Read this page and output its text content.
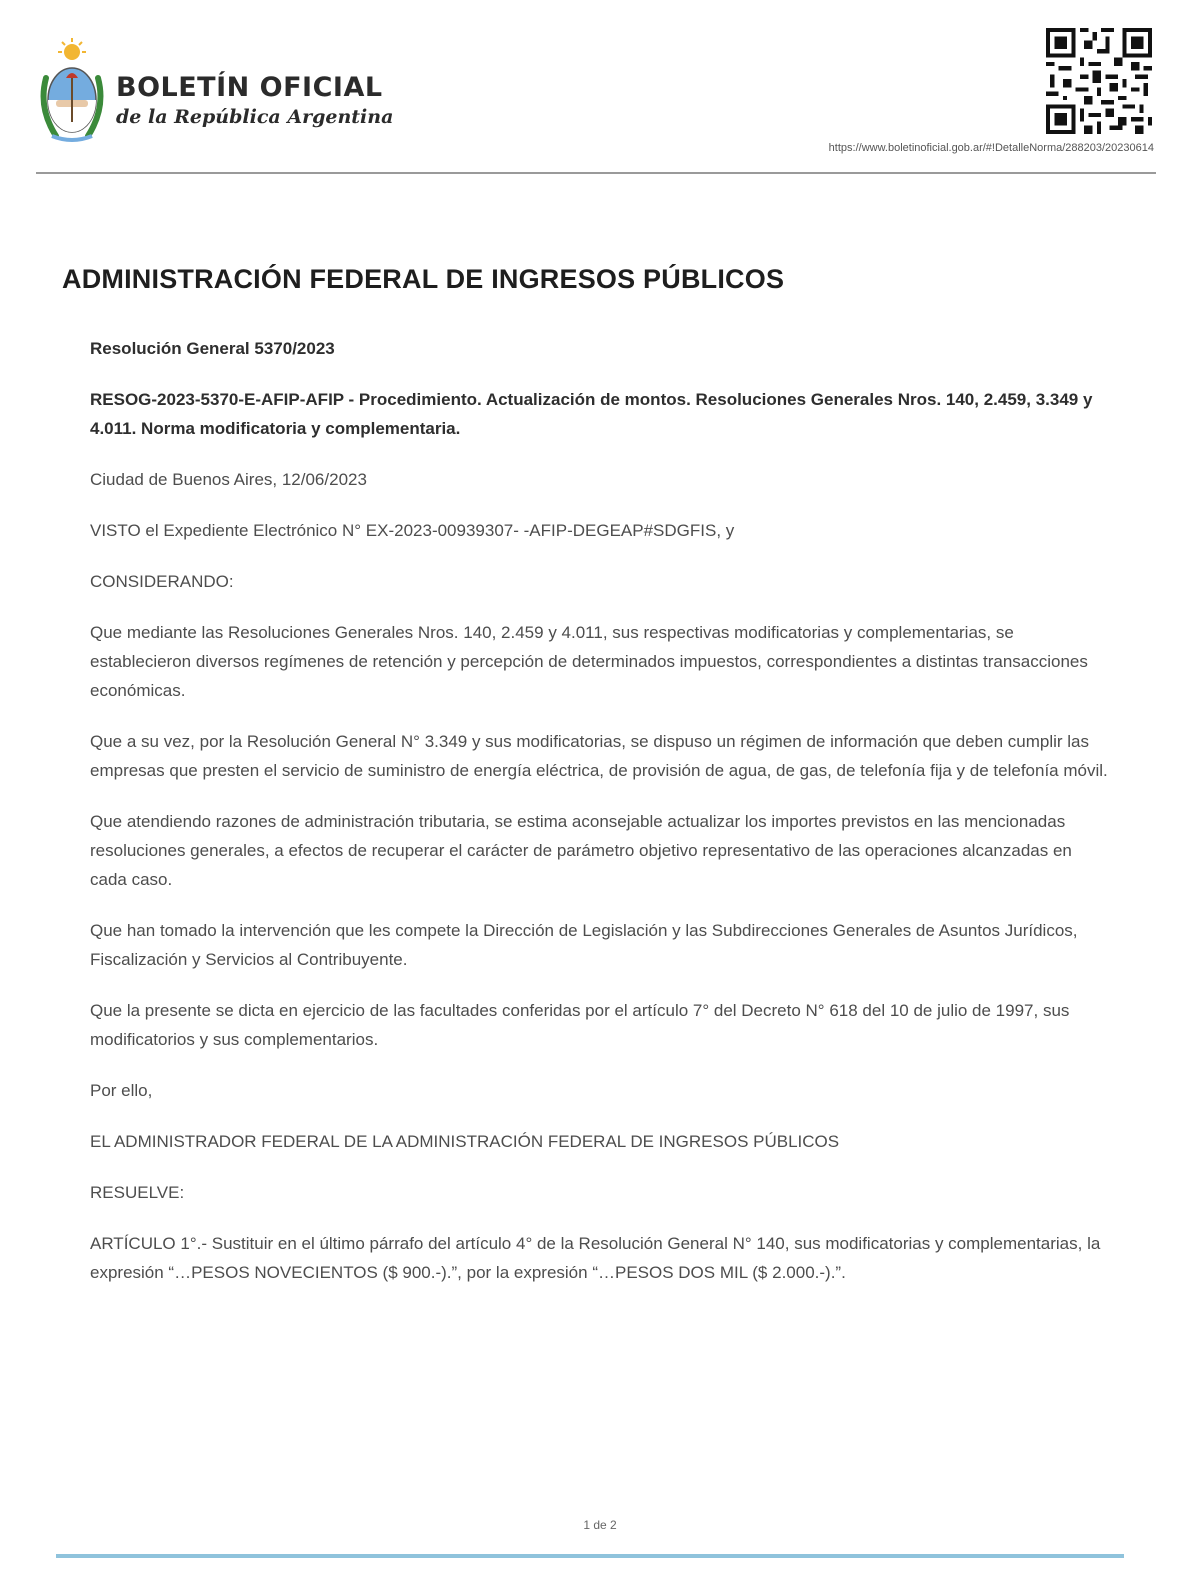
BOLETÍN OFICIAL
de la República Argentina
https://www.boletinoficial.gob.ar/#!DetalleNorma/288203/20230614
ADMINISTRACIÓN FEDERAL DE INGRESOS PÚBLICOS

Resolución General 5370/2023

RESOG-2023-5370-E-AFIP-AFIP - Procedimiento. Actualización de montos. Resoluciones Generales Nros. 140, 2.459, 3.349 y 4.011. Norma modificatoria y complementaria.

Ciudad de Buenos Aires, 12/06/2023

VISTO el Expediente Electrónico N° EX-2023-00939307- -AFIP-DEGEAP#SDGFIS, y

CONSIDERANDO:

Que mediante las Resoluciones Generales Nros. 140, 2.459 y 4.011, sus respectivas modificatorias y complementarias, se establecieron diversos regímenes de retención y percepción de determinados impuestos, correspondientes a distintas transacciones económicas.

Que a su vez, por la Resolución General N° 3.349 y sus modificatorias, se dispuso un régimen de información que deben cumplir las empresas que presten el servicio de suministro de energía eléctrica, de provisión de agua, de gas, de telefonía fija y de telefonía móvil.

Que atendiendo razones de administración tributaria, se estima aconsejable actualizar los importes previstos en las mencionadas resoluciones generales, a efectos de recuperar el carácter de parámetro objetivo representativo de las operaciones alcanzadas en cada caso.

Que han tomado la intervención que les compete la Dirección de Legislación y las Subdirecciones Generales de Asuntos Jurídicos, Fiscalización y Servicios al Contribuyente.

Que la presente se dicta en ejercicio de las facultades conferidas por el artículo 7° del Decreto N° 618 del 10 de julio de 1997, sus modificatorios y sus complementarios.

Por ello,

EL ADMINISTRADOR FEDERAL DE LA ADMINISTRACIÓN FEDERAL DE INGRESOS PÚBLICOS

RESUELVE:

ARTÍCULO 1°.- Sustituir en el último párrafo del artículo 4° de la Resolución General N° 140, sus modificatorias y complementarias, la expresión “…PESOS NOVECIENTOS ($ 900.-).”, por la expresión “…PESOS DOS MIL ($ 2.000.-).”.

1 de 2
